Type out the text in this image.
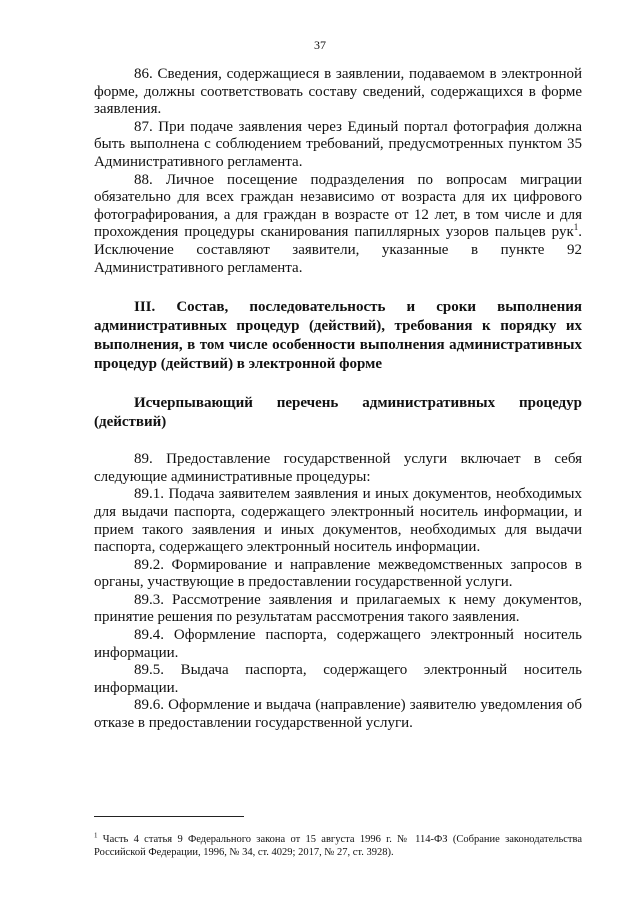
37

86. Сведения, содержащиеся в заявлении, подаваемом в электронной форме, должны соответствовать составу сведений, содержащихся в форме заявления.

87. При подаче заявления через Единый портал фотография должна быть выполнена с соблюдением требований, предусмотренных пунктом 35 Административного регламента.

88. Личное посещение подразделения по вопросам миграции обязательно для всех граждан независимо от возраста для их цифрового фотографирования, а для граждан в возрасте от 12 лет, в том числе и для прохождения процедуры сканирования папиллярных узоров пальцев рук$^1$. Исключение составляют заявители, указанные в пункте 92 Административного регламента.

III. Состав, последовательность и сроки выполнения административных процедур (действий), требования к порядку их выполнения, в том числе особенности выполнения административных процедур (действий) в электронной форме

Исчерпывающий перечень административных процедур (действий)

89. Предоставление государственной услуги включает в себя следующие административные процедуры:

89.1. Подача заявителем заявления и иных документов, необходимых для выдачи паспорта, содержащего электронный носитель информации, и прием такого заявления и иных документов, необходимых для выдачи паспорта, содержащего электронный носитель информации.

89.2. Формирование и направление межведомственных запросов в органы, участвующие в предоставлении государственной услуги.

89.3. Рассмотрение заявления и прилагаемых к нему документов, принятие решения по результатам рассмотрения такого заявления.

89.4. Оформление паспорта, содержащего электронный носитель информации.

89.5. Выдача паспорта, содержащего электронный носитель информации.

89.6. Оформление и выдача (направление) заявителю уведомления об отказе в предоставлении государственной услуги.

$^1$ Часть 4 статья 9 Федерального закона от 15 августа 1996 г. № 114-ФЗ (Собрание законодательства Российской Федерации, 1996, № 34, ст. 4029; 2017, № 27, ст. 3928).
